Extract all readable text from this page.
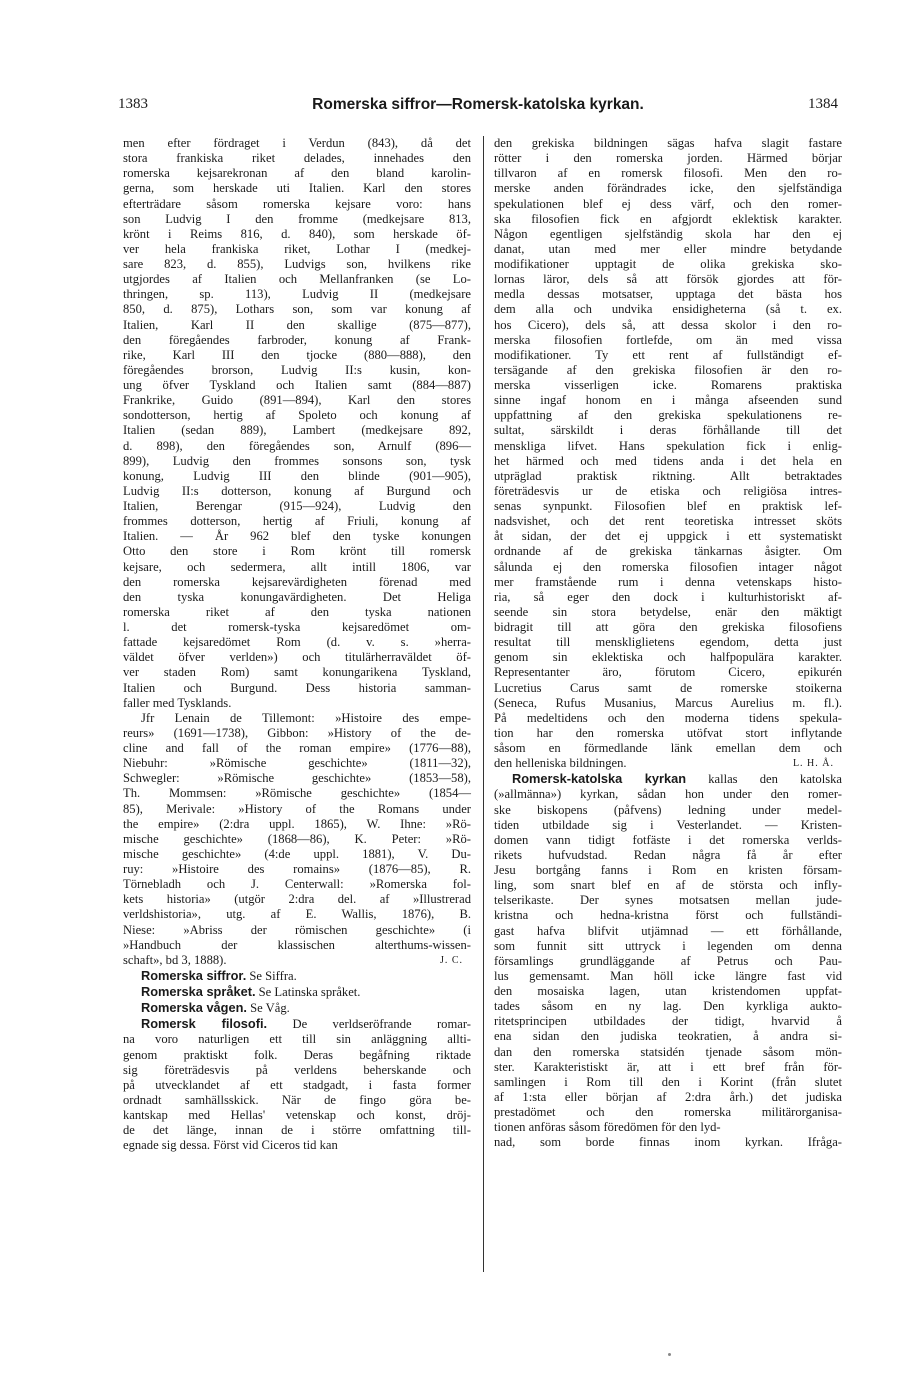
1383	Romerska siffror—Romersk-katolska kyrkan.	1384

men efter fördraget i Verdun (843), då det

stora frankiska riket delades, innehades den

romerska kejsarekronan af den bland karolin-

gerna, som herskade uti Italien. Karl den stores

efterträdare såsom romerska kejsare voro: hans

son Ludvig I den fromme (medkejsare 813,

krönt i Reims 816, d. 840), som herskade öf-

ver hela frankiska riket, Lothar I (medkej-

sare 823, d. 855), Ludvigs son, hvilkens rike

utgjordes af Italien och Mellanfranken (se Lo-

thringen, sp. 113), Ludvig II (medkejsare

850, d. 875), Lothars son, som var konung af

Italien, Karl II den skallige (875—877),

den föregåendes farbroder, konung af Frank-

rike, Karl III den tjocke (880—888), den

föregåendes brorson, Ludvig II:s kusin, kon-

ung öfver Tyskland och Italien samt (884—887)

Frankrike, Guido (891—894), Karl den stores

sondotterson, hertig af Spoleto och konung af

Italien (sedan 889), Lambert (medkejsare 892,

d. 898), den föregåendes son, Arnulf (896—

899), Ludvig den frommes sonsons son, tysk

konung, Ludvig III den blinde (901—905),

Ludvig II:s dotterson, konung af Burgund och

Italien, Berengar (915—924), Ludvig den

frommes dotterson, hertig af Friuli, konung af

Italien. — År 962 blef den tyske konungen

Otto den store i Rom krönt till romersk

kejsare, och sedermera, allt intill 1806, var

den romerska kejsarevärdigheten förenad med

den tyska konungavärdigheten. Det Heliga

romerska riket af den tyska nationen

l. det romersk-tyska kejsaredömet om-

fattade kejsaredömet Rom (d. v. s. »herra-

väldet öfver verlden») och titulärherraväldet öf-

ver staden Rom) samt konungarikena Tyskland,

Italien och Burgund. Dess historia samman-

faller med Tysklands.

Jfr Lenain de Tillemont: »Histoire des empe-

reurs» (1691—1738), Gibbon: »History of the de-

cline and fall of the roman empire» (1776—88),

Niebuhr: »Römische geschichte» (1811—32),

Schwegler: »Römische geschichte» (1853—58),

Th. Mommsen: »Römische geschichte» (1854—

85), Merivale: »History of the Romans under

the empire» (2:dra uppl. 1865), W. Ihne: »Rö-

mische geschichte» (1868—86), K. Peter: »Rö-

mische geschichte» (4:de uppl. 1881), V. Du-

ruy: »Histoire des romains» (1876—85), R.

Törnebladh och J. Centerwall: »Romerska fol-

kets historia» (utgör 2:dra del. af »Illustrerad

verldshistoria», utg. af E. Wallis, 1876), B.

Niese: »Abriss der römischen geschichte» (i

»Handbuch der klassischen alterthums-wissen-

schaft», bd 3, 1888).	J. C.

Romerska siffror. Se Siffra.

Romerska språket. Se Latinska språket.

Romerska vågen. Se Våg.

Romersk filosofi. De verldseröfrande romar-

na voro naturligen ett till sin anläggning allti-

genom praktiskt folk. Deras begåfning riktade

sig företrädesvis på verldens beherskande och

på utvecklandet af ett stadgadt, i fasta former

ordnadt samhällsskick. När de fingo göra be-

kantskap med Hellas' vetenskap och konst, dröj-

de det länge, innan de i större omfattning till-

egnade sig dessa. Först vid Ciceros tid kan

den grekiska bildningen sägas hafva slagit fastare

rötter i den romerska jorden. Härmed börjar

tillvaron af en romersk filosofi. Men den ro-

merske anden förändrades icke, den sjelfständiga

spekulationen blef ej dess värf, och den romer-

ska filosofien fick en afgjordt eklektisk karakter.

Någon egentligen sjelfständig skola har den ej

danat, utan med mer eller mindre betydande

modifikationer upptagit de olika grekiska sko-

lornas läror, dels så att försök gjordes att för-

medla dessas motsatser, upptaga det bästa hos

dem alla och undvika ensidigheterna (så t. ex.

hos Cicero), dels så, att dessa skolor i den ro-

merska filosofien fortlefde, om än med vissa

modifikationer. Ty ett rent af fullständigt ef-

tersägande af den grekiska filosofien är den ro-

merska visserligen icke. Romarens praktiska

sinne ingaf honom en i många afseenden sund

uppfattning af den grekiska spekulationens re-

sultat, särskildt i deras förhållande till det

menskliga lifvet. Hans spekulation fick i enlig-

het härmed och med tidens anda i det hela en

utpräglad praktisk riktning. Allt betraktades

företrädesvis ur de etiska och religiösa intres-

senas synpunkt. Filosofien blef en praktisk lef-

nadsvishet, och det rent teoretiska intresset sköts

åt sidan, der det ej uppgick i ett systematiskt

ordnande af de grekiska tänkarnas åsigter. Om

sålunda ej den romerska filosofien intager något

mer framstående rum i denna vetenskaps histo-

ria, så eger den dock i kulturhistoriskt af-

seende sin stora betydelse, enär den mäktigt

bidragit till att göra den grekiska filosofiens

resultat till menskliglietens egendom, detta just

genom sin eklektiska och halfpopulära karakter.

Representanter äro, förutom Cicero, epikurén

Lucretius Carus samt de romerske stoikerna

(Seneca, Rufus Musanius, Marcus Aurelius m. fl.).

På medeltidens och den moderna tidens spekula-

tion har den romerska utöfvat stort inflytande

såsom en förmedlande länk emellan dem och

den helleniska bildningen.	L. H. Å.

Romersk-katolska kyrkan kallas den katolska

(»allmänna») kyrkan, sådan hon under den romer-

ske biskopens (påfvens) ledning under medel-

tiden utbildade sig i Vesterlandet. — Kristen-

domen vann tidigt fotfäste i det romerska verlds-

rikets hufvudstad. Redan några få år efter

Jesu bortgång fanns i Rom en kristen försam-

ling, som snart blef en af de största och infly-

telserikaste. Der synes motsatsen mellan jude-

kristna och hedna-kristna först och fullständi-

gast hafva blifvit utjämnad — ett förhållande,

som funnit sitt uttryck i legenden om denna

församlings grundläggande af Petrus och Pau-

lus gemensamt. Man höll icke längre fast vid

den mosaiska lagen, utan kristendomen uppfat-

tades såsom en ny lag. Den kyrkliga aukto-

ritetsprincipen utbildades der tidigt, hvarvid å

ena sidan den judiska teokratien, å andra si-

dan den romerska statsidén tjenade såsom mön-

ster. Karakteristiskt är, att i ett bref från för-

samlingen i Rom till den i Korint (från slutet

af 1:sta eller början af 2:dra årh.) det judiska

prestadömet och den romerska militärorganisa-

tionen anföras såsom föredömen för den lyd-

nad, som borde finnas inom kyrkan. Ifråga-
